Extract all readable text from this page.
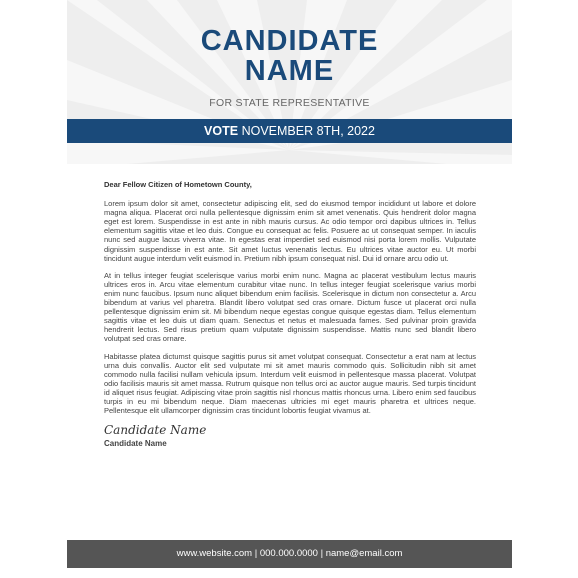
CANDIDATE
NAME
FOR STATE REPRESENTATIVE
VOTE NOVEMBER 8TH, 2022
Dear Fellow Citizen of Hometown County,

Lorem ipsum dolor sit amet, consectetur adipiscing elit, sed do eiusmod tempor incididunt ut labore et dolore magna aliqua. Placerat orci nulla pellentesque dignissim enim sit amet venenatis. Quis hendrerit dolor magna eget est lorem. Suspendisse in est ante in nibh mauris cursus. Ac odio tempor orci dapibus ultrices in. Tellus elementum sagittis vitae et leo duis. Congue eu consequat ac felis. Posuere ac ut consequat semper. In iaculis nunc sed augue lacus viverra vitae. In egestas erat imperdiet sed euismod nisi porta lorem mollis. Vulputate dignissim suspendisse in est ante. Sit amet luctus venenatis lectus. Eu ultrices vitae auctor eu. Ut morbi tincidunt augue interdum velit euismod in. Pretium nibh ipsum consequat nisl. Dui id ornare arcu odio ut.

At in tellus integer feugiat scelerisque varius morbi enim nunc. Magna ac placerat vestibulum lectus mauris ultrices eros in. Arcu vitae elementum curabitur vitae nunc. In tellus integer feugiat scelerisque varius morbi enim nunc faucibus. Ipsum nunc aliquet bibendum enim facilisis. Scelerisque in dictum non consectetur a. Arcu bibendum at varius vel pharetra. Blandit libero volutpat sed cras ornare. Dictum fusce ut placerat orci nulla pellentesque dignissim enim sit. Mi bibendum neque egestas congue quisque egestas diam. Tellus elementum sagittis vitae et leo duis ut diam quam. Senectus et netus et malesuada fames. Sed pulvinar proin gravida hendrerit lectus. Sed risus pretium quam vulputate dignissim suspendisse. Mattis nunc sed blandit libero volutpat sed cras ornare.

Habitasse platea dictumst quisque sagittis purus sit amet volutpat consequat. Consectetur a erat nam at lectus urna duis convallis. Auctor elit sed vulputate mi sit amet mauris commodo quis. Sollicitudin nibh sit amet commodo nulla facilisi nullam vehicula ipsum. Interdum velit euismod in pellentesque massa placerat. Volutpat odio facilisis mauris sit amet massa. Rutrum quisque non tellus orci ac auctor augue mauris. Sed turpis tincidunt id aliquet risus feugiat. Adipiscing vitae proin sagittis nisl rhoncus mattis rhoncus urna. Libero enim sed faucibus turpis in eu mi bibendum neque. Diam maecenas ultricies mi eget mauris pharetra et ultrices neque. Pellentesque elit ullamcorper dignissim cras tincidunt lobortis feugiat vivamus at.

Candidate Name
Candidate Name
www.website.com | 000.000.0000 | name@email.com
